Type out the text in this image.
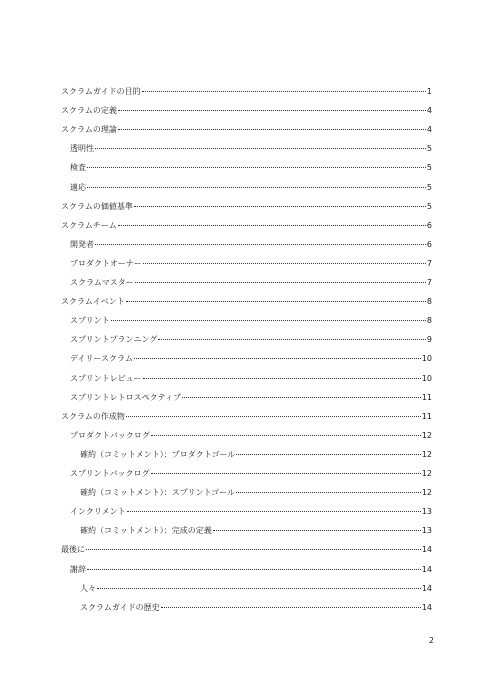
スクラムガイドの目的	1
スクラムの定義	4
スクラムの理論	4
透明性	5
検査	5
適応	5
スクラムの価値基準	5
スクラムチーム	6
開発者	6
プロダクトオーナー	7
スクラムマスター	7
スクラムイベント	8
スプリント	8
スプリントプランニング	9
デイリースクラム	10
スプリントレビュー	10
スプリントレトロスペクティブ	11
スクラムの作成物	11
プロダクトバックログ	12
確約（コミットメント）：プロダクトゴール	12
スプリントバックログ	12
確約（コミットメント）：スプリントゴール	12
インクリメント	13
確約（コミットメント）：完成の定義	13
最後に	14
謝辞	14
人々	14
スクラムガイドの歴史	14
2
